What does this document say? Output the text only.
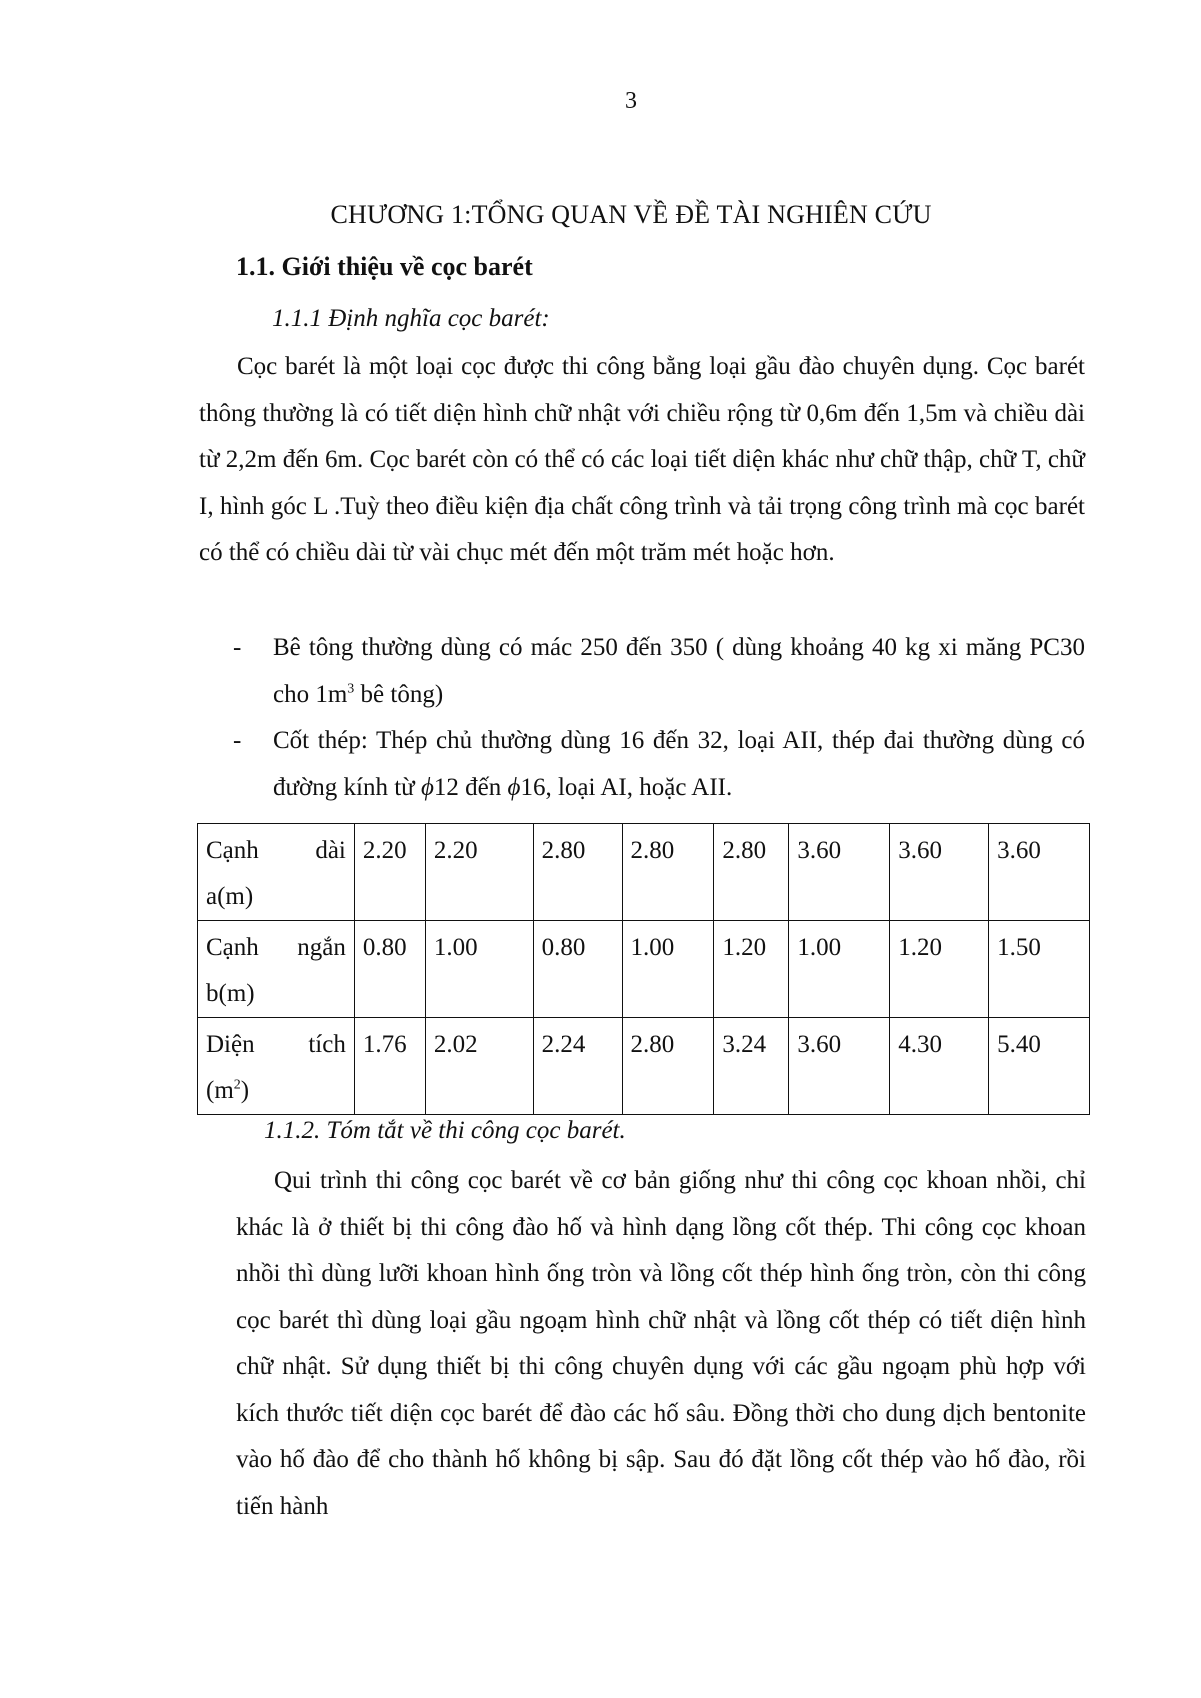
3
CHƯƠNG 1:TỔNG QUAN VỀ ĐỀ TÀI NGHIÊN CỨU
1.1. Giới thiệu về cọc barét
1.1.1 Định nghĩa cọc barét:
Cọc barét là một loại cọc được thi công bằng loại gầu đào chuyên dụng. Cọc barét thông thường là có tiết diện hình chữ nhật với chiều rộng từ 0,6m đến 1,5m và chiều dài từ 2,2m đến 6m. Cọc barét còn có thể có các loại tiết diện khác như chữ thập, chữ T, chữ I, hình góc L .Tuỳ theo điều kiện địa chất công trình và tải trọng công trình mà cọc barét có thể có chiều dài từ vài chục mét đến một trăm mét hoặc hơn.
- Bê tông thường dùng có mác 250 đến 350 ( dùng khoảng 40 kg xi măng PC30 cho $1m^3$ bê tông)
- Cốt thép: Thép chủ thường dùng 16 đến 32, loại AII, thép đai thường dùng có đường kính từ ϕ12 đến ϕ16, loại AI, hoặc AII.
Cạnh dài
a(m)	2.20	2.20	2.80	2.80	2.80	3.60	3.60	3.60

Cạnh ngắn
b(m)	0.80	1.00	0.80	1.00	1.20	1.00	1.20	1.50

Diện tích
$(m^2)$	1.76	2.02	2.24	2.80	3.24	3.60	4.30	5.40
1.1.2. Tóm tắt về thi công cọc barét.
Qui trình thi công cọc barét về cơ bản giống như thi công cọc khoan nhồi, chỉ khác là ở thiết bị thi công đào hố và hình dạng lồng cốt thép. Thi công cọc khoan nhồi thì dùng lưỡi khoan hình ống tròn và lồng cốt thép hình ống tròn, còn thi công cọc barét thì dùng loại gầu ngoạm hình chữ nhật và lồng cốt thép có tiết diện hình chữ nhật. Sử dụng thiết bị thi công chuyên dụng với các gầu ngoạm phù hợp với kích thước tiết diện cọc barét để đào các hố sâu. Đồng thời cho dung dịch bentonite vào hố đào để cho thành hố không bị sập. Sau đó đặt lồng cốt thép vào hố đào, rồi tiến hành
